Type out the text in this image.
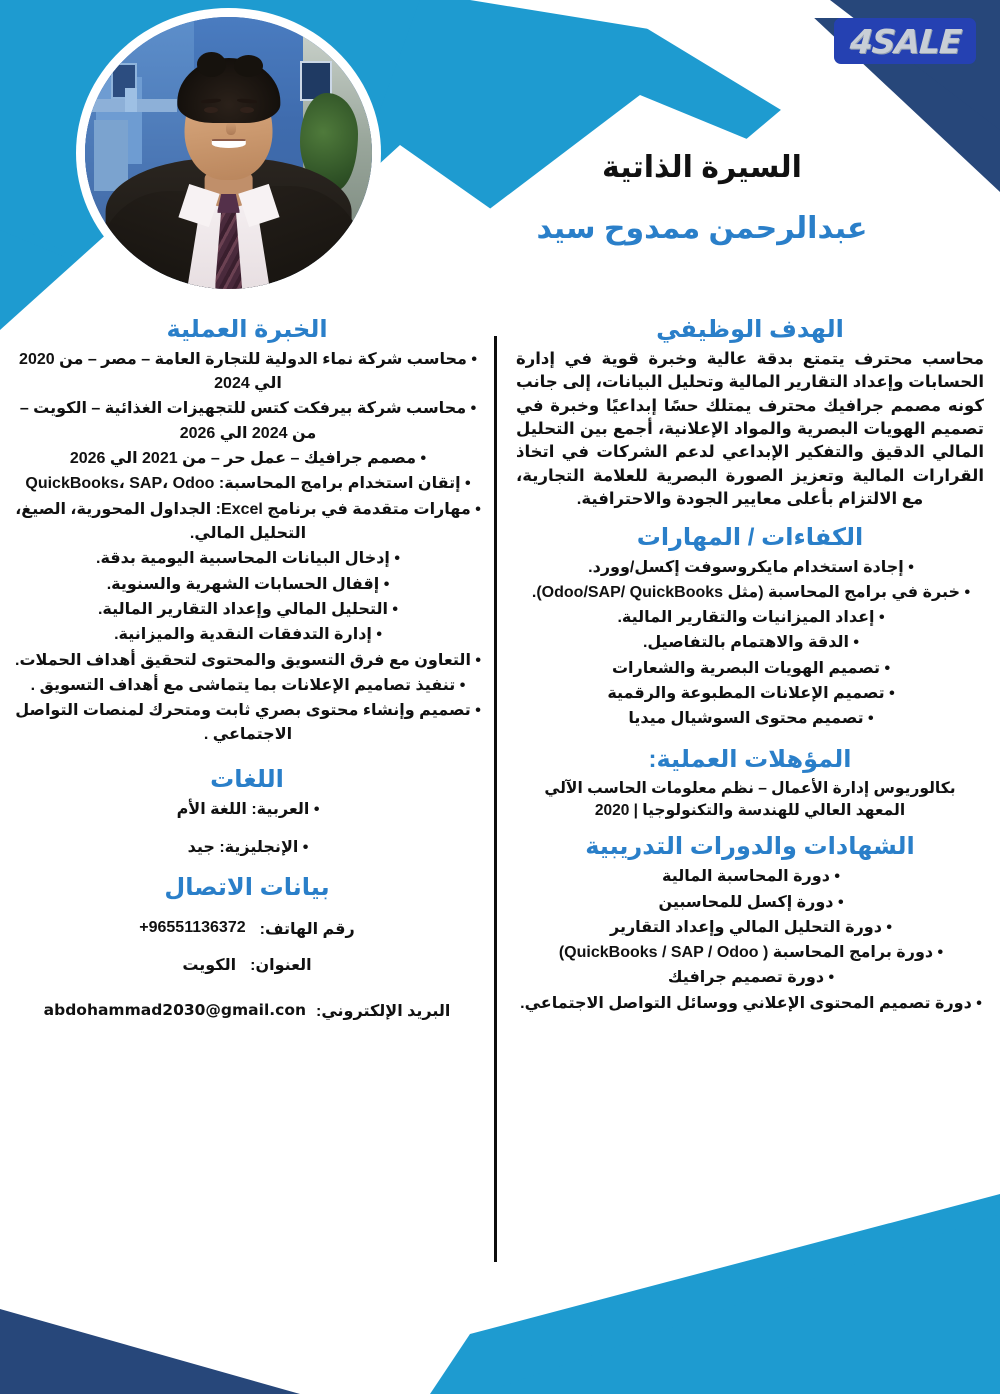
4SALE
السيرة الذاتية
عبدالرحمن ممدوح سيد
الهدف الوظيفي
محاسب محترف يتمتع بدقة عالية وخبرة قوية في إدارة الحسابات وإعداد التقارير المالية وتحليل البيانات، إلى جانب كونه مصمم جرافيك محترف يمتلك حسًا إبداعيًا وخبرة في تصميم الهويات البصرية والمواد الإعلانية، أجمع بين التحليل المالي الدقيق والتفكير الإبداعي لدعم الشركات في اتخاذ القرارات المالية وتعزيز الصورة البصرية للعلامة التجارية، مع الالتزام بأعلى معايير الجودة والاحترافية.
الكفاءات / المهارات
• إجادة استخدام مايكروسوفت إكسل/وورد.
• خبرة في برامج المحاسبة (مثل Odoo/SAP/ QuickBooks).
• إعداد الميزانيات والتقارير المالية.
• الدقة والاهتمام بالتفاصيل.
• تصميم الهويات البصرية والشعارات
• تصميم الإعلانات المطبوعة والرقمية
• تصميم محتوى السوشيال ميديا
المؤهلات العملية:
بكالوريوس إدارة الأعمال – نظم معلومات الحاسب الآلي
المعهد العالي للهندسة والتكنولوجيا | 2020
الشهادات والدورات التدريبية
• دورة المحاسبة المالية
• دورة إكسل للمحاسبين
• دورة التحليل المالي وإعداد التقارير
• دورة برامج المحاسبة ( QuickBooks / SAP / Odoo)
• دورة تصميم جرافيك
• دورة تصميم المحتوى الإعلاني ووسائل التواصل الاجتماعي.
الخبرة العملية
• محاسب شركة نماء الدولية للتجارة العامة – مصر – من 2020 الي 2024
• محاسب شركة بيرفكت كتس للتجهيزات الغذائية – الكويت – من 2024 الي 2026
• مصمم جرافيك – عمل حر – من 2021 الي 2026
• إتقان استخدام برامج المحاسبة: QuickBooks، SAP، Odoo
• مهارات متقدمة في برنامج Excel: الجداول المحورية، الصيغ، التحليل المالي.
• إدخال البيانات المحاسبية اليومية بدقة.
• إقفال الحسابات الشهرية والسنوية.
• التحليل المالي وإعداد التقارير المالية.
• إدارة التدفقات النقدية والميزانية.
• التعاون مع فرق التسويق والمحتوى لتحقيق أهداف الحملات.
• تنفيذ تصاميم الإعلانات بما يتماشى مع أهداف التسويق .
• تصميم وإنشاء محتوى بصري ثابت ومتحرك لمنصات التواصل الاجتماعي .
اللغات
• العربية: اللغة الأم
• الإنجليزية: جيد
بيانات الاتصال
رقم الهاتف:
+96551136372
العنوان:
الكويت
البريد الإلكتروني:
abdohammad2030@gmail.con
